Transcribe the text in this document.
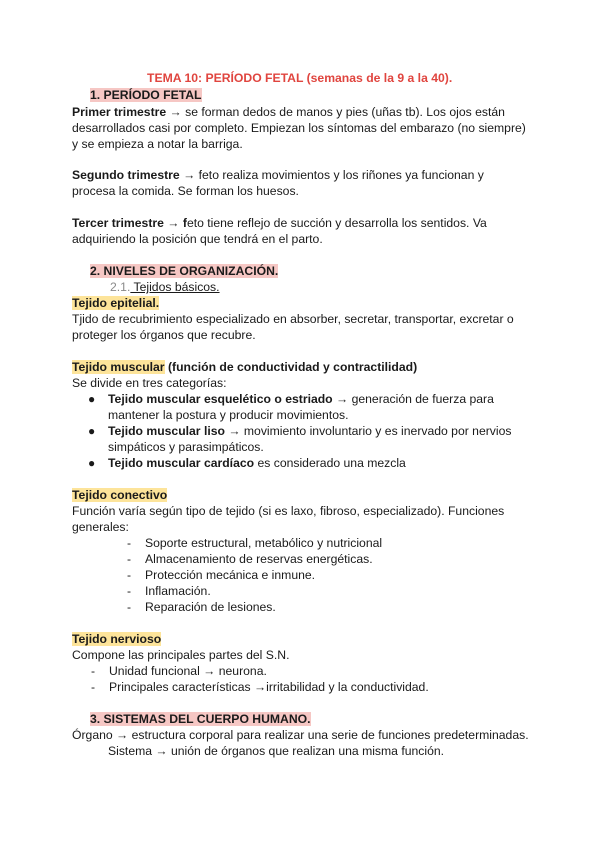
TEMA 10: PERÍODO FETAL (semanas de la 9 a la 40).
1. PERÍODO FETAL
Primer trimestre → se forman dedos de manos y pies (uñas tb). Los ojos están
desarrollados casi por completo. Empiezan los síntomas del embarazo (no siempre)
y se empieza a notar la barriga.
Segundo trimestre → feto realiza movimientos y los riñones ya funcionan y
procesa la comida. Se forman los huesos.
Tercer trimestre → feto tiene reflejo de succión y desarrolla los sentidos. Va
adquiriendo la posición que tendrá en el parto.
2. NIVELES DE ORGANIZACIÓN.
2.1. Tejidos básicos.
Tejido epitelial.
Tjido de recubrimiento especializado en absorber, secretar, transportar, excretar o
proteger los órganos que recubre.
Tejido muscular (función de conductividad y contractilidad)
Se divide en tres categorías:
● Tejido muscular esquelético o estriado → generación de fuerza para
mantener la postura y producir movimientos.
● Tejido muscular liso → movimiento involuntario y es inervado por nervios
simpáticos y parasimpáticos.
● Tejido muscular cardíaco es considerado una mezcla
Tejido conectivo
Función varía según tipo de tejido (si es laxo, fibroso, especializado). Funciones
generales:
- Soporte estructural, metabólico y nutricional
- Almacenamiento de reservas energéticas.
- Protección mecánica e inmune.
- Inflamación.
- Reparación de lesiones.
Tejido nervioso
Compone las principales partes del S.N.
- Unidad funcional → neurona.
- Principales características →irritabilidad y la conductividad.
3. SISTEMAS DEL CUERPO HUMANO.
Órgano → estructura corporal para realizar una serie de funciones predeterminadas.
Sistema → unión de órganos que realizan una misma función.
